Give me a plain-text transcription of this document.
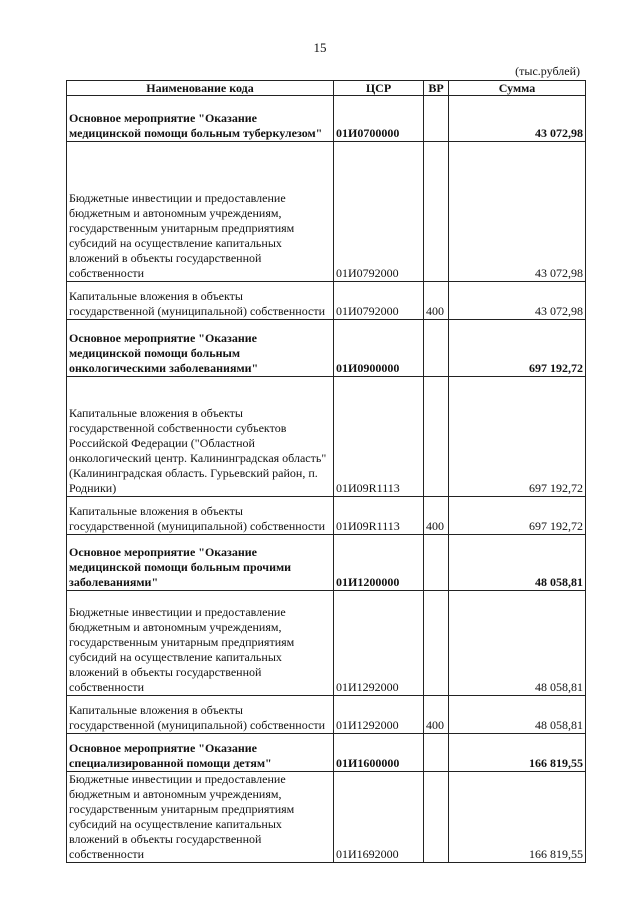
15
(тыс.рублей)
Наименование кода	ЦСР	ВР	Сумма
Основное мероприятие "Оказание медицинской помощи больным туберкулезом"	01И0700000		43 072,98
Бюджетные инвестиции и предоставление бюджетным и автономным учреждениям, государственным унитарным предприятиям субсидий на осуществление капитальных вложений в объекты государственной собственности	01И0792000		43 072,98
Капитальные вложения в объекты государственной (муниципальной) собственности	01И0792000	400	43 072,98
Основное мероприятие "Оказание медицинской помощи больным онкологическими заболеваниями"	01И0900000		697 192,72
Капитальные вложения в объекты государственной собственности субъектов Российской Федерации ("Областной онкологический центр. Калининградская область" (Калининградская область. Гурьевский район, п. Родники)	01И09R1113		697 192,72
Капитальные вложения в объекты государственной (муниципальной) собственности	01И09R1113	400	697 192,72
Основное мероприятие "Оказание медицинской помощи больным прочими заболеваниями"	01И1200000		48 058,81
Бюджетные инвестиции и предоставление бюджетным и автономным учреждениям, государственным унитарным предприятиям субсидий на осуществление капитальных вложений в объекты государственной собственности	01И1292000		48 058,81
Капитальные вложения в объекты государственной (муниципальной) собственности	01И1292000	400	48 058,81
Основное мероприятие "Оказание специализированной помощи детям"	01И1600000		166 819,55
Бюджетные инвестиции и предоставление бюджетным и автономным учреждениям, государственным унитарным предприятиям субсидий на осуществление капитальных вложений в объекты государственной собственности	01И1692000		166 819,55
